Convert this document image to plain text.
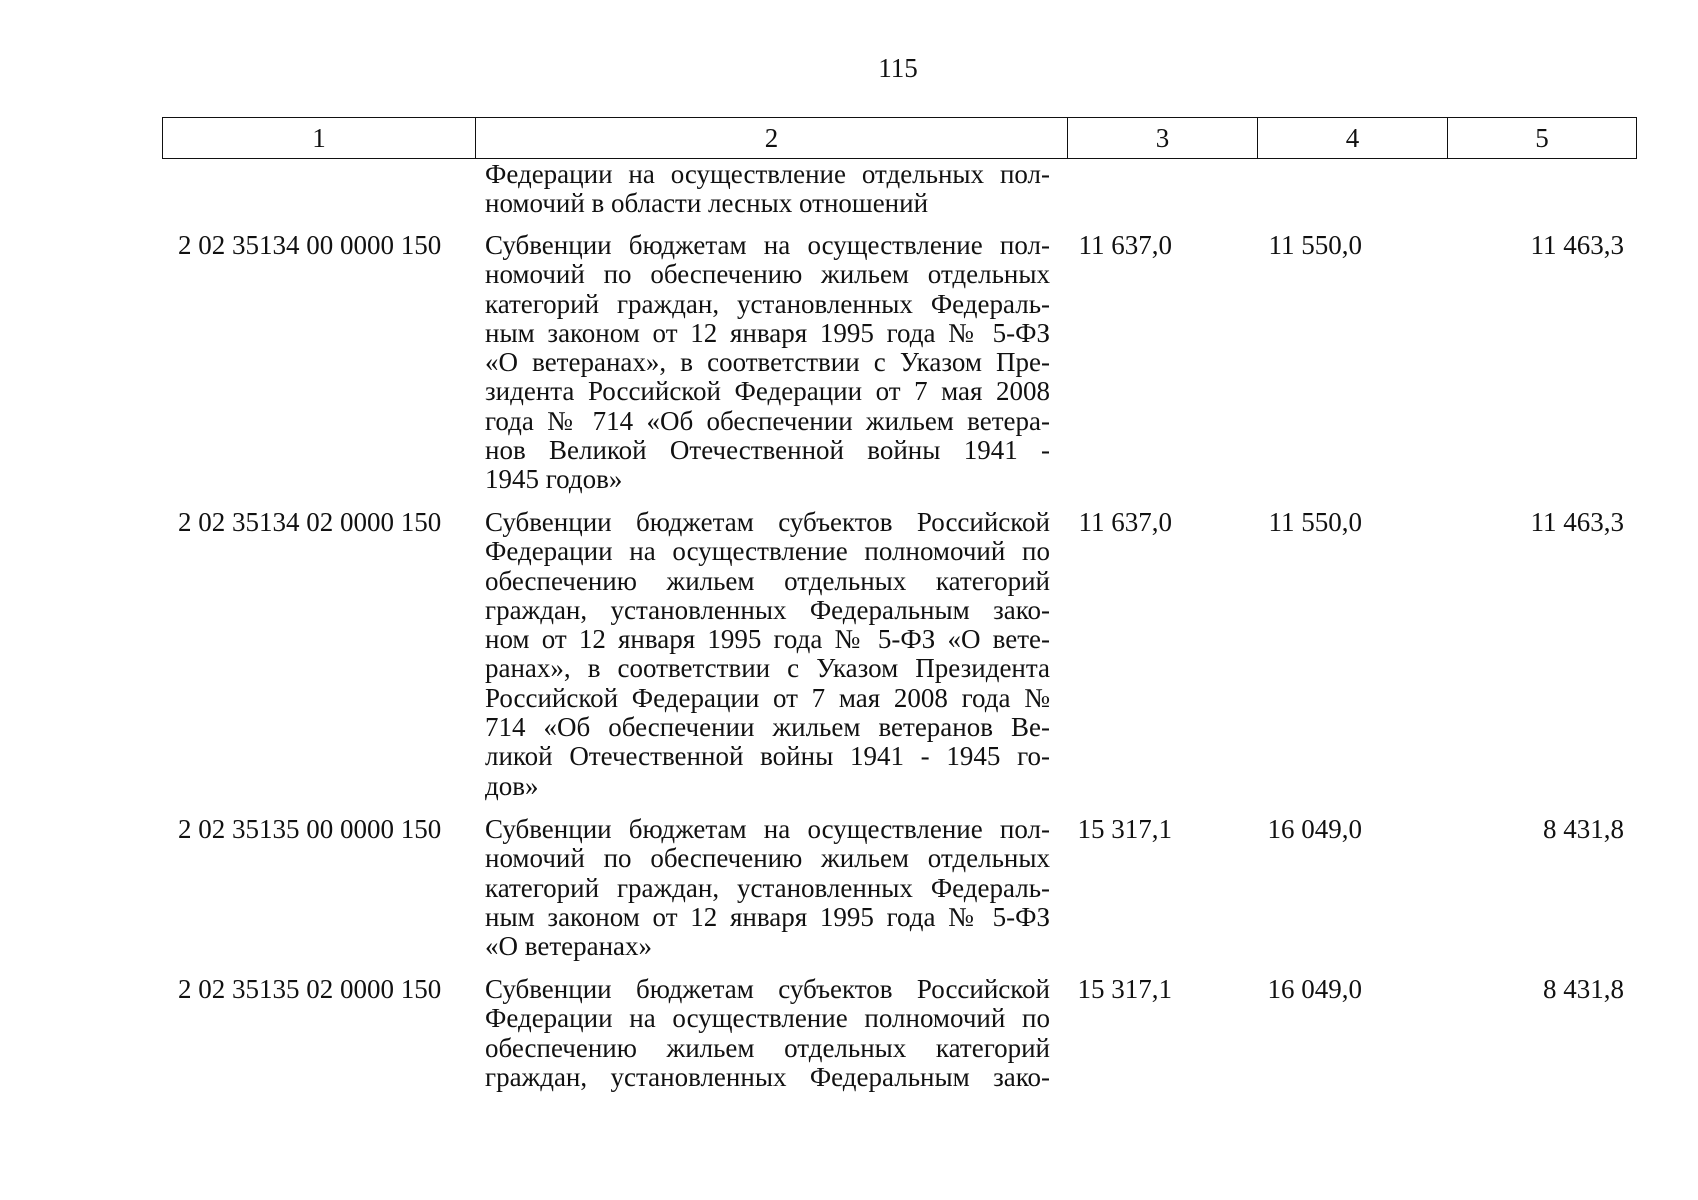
115
1	2	3	4	5
Федерации на осуществление отдельных пол-
номочий в области лесных отношений
2 02 35134 00 0000 150	Субвенции бюджетам на осуществление пол-
номочий по обеспечению жильем отдельных
категорий граждан, установленных Федераль-
ным законом от 12 января 1995 года № 5-ФЗ
«О ветеранах», в соответствии с Указом Пре-
зидента Российской Федерации от 7 мая 2008
года № 714 «Об обеспечении жильем ветера-
нов Великой Отечественной войны 1941 -
1945 годов»
11 637,0	11 550,0	11 463,3
2 02 35134 02 0000 150	Субвенции бюджетам субъектов Российской
Федерации на осуществление полномочий по
обеспечению жильем отдельных категорий
граждан, установленных Федеральным зако-
ном от 12 января 1995 года № 5-ФЗ «О вете-
ранах», в соответствии с Указом Президента
Российской Федерации от 7 мая 2008 года №
714 «Об обеспечении жильем ветеранов Ве-
ликой Отечественной войны 1941 - 1945 го-
дов»
11 637,0	11 550,0	11 463,3
2 02 35135 00 0000 150	Субвенции бюджетам на осуществление пол-
номочий по обеспечению жильем отдельных
категорий граждан, установленных Федераль-
ным законом от 12 января 1995 года № 5-ФЗ
«О ветеранах»
15 317,1	16 049,0	8 431,8
2 02 35135 02 0000 150	Субвенции бюджетам субъектов Российской
Федерации на осуществление полномочий по
обеспечению жильем отдельных категорий
граждан, установленных Федеральным зако-
15 317,1	16 049,0	8 431,8
